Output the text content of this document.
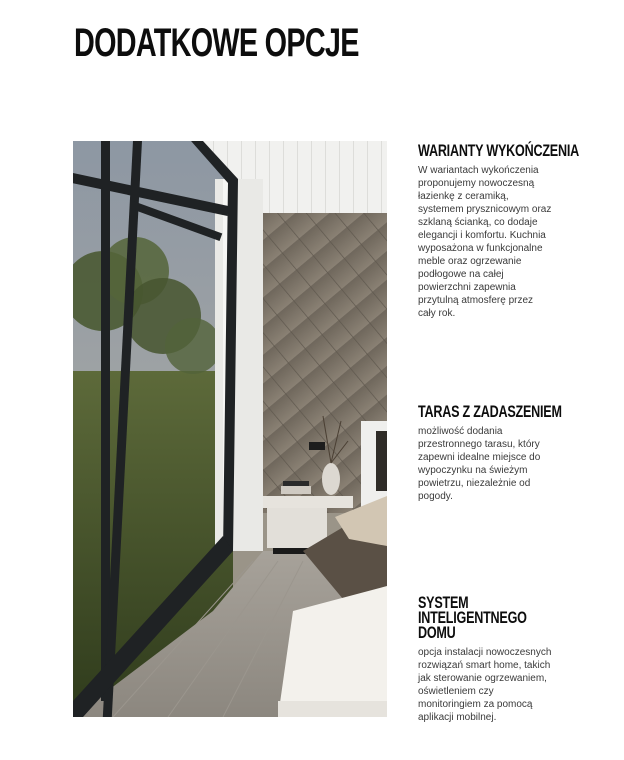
DODATKOWE OPCJE
WARIANTY WYKOŃCZENIA

W wariantach wykończenia proponujemy nowoczesną łazienkę z ceramiką, systemem prysznicowym oraz szklaną ścianką, co dodaje elegancji i komfortu. Kuchnia wyposażona w funkcjonalne meble oraz ogrzewanie podłogowe na całej powierzchni zapewnia przytulną atmosferę przez cały rok.

TARAS Z ZADASZENIEM

możliwość dodania przestronnego tarasu, który zapewni idealne miejsce do wypoczynku na świeżym powietrzu, niezależnie od pogody.

SYSTEM INTELIGENTNEGO DOMU

opcja instalacji nowoczesnych rozwiązań smart home, takich jak sterowanie ogrzewaniem, oświetleniem czy monitoringiem za pomocą aplikacji mobilnej.
